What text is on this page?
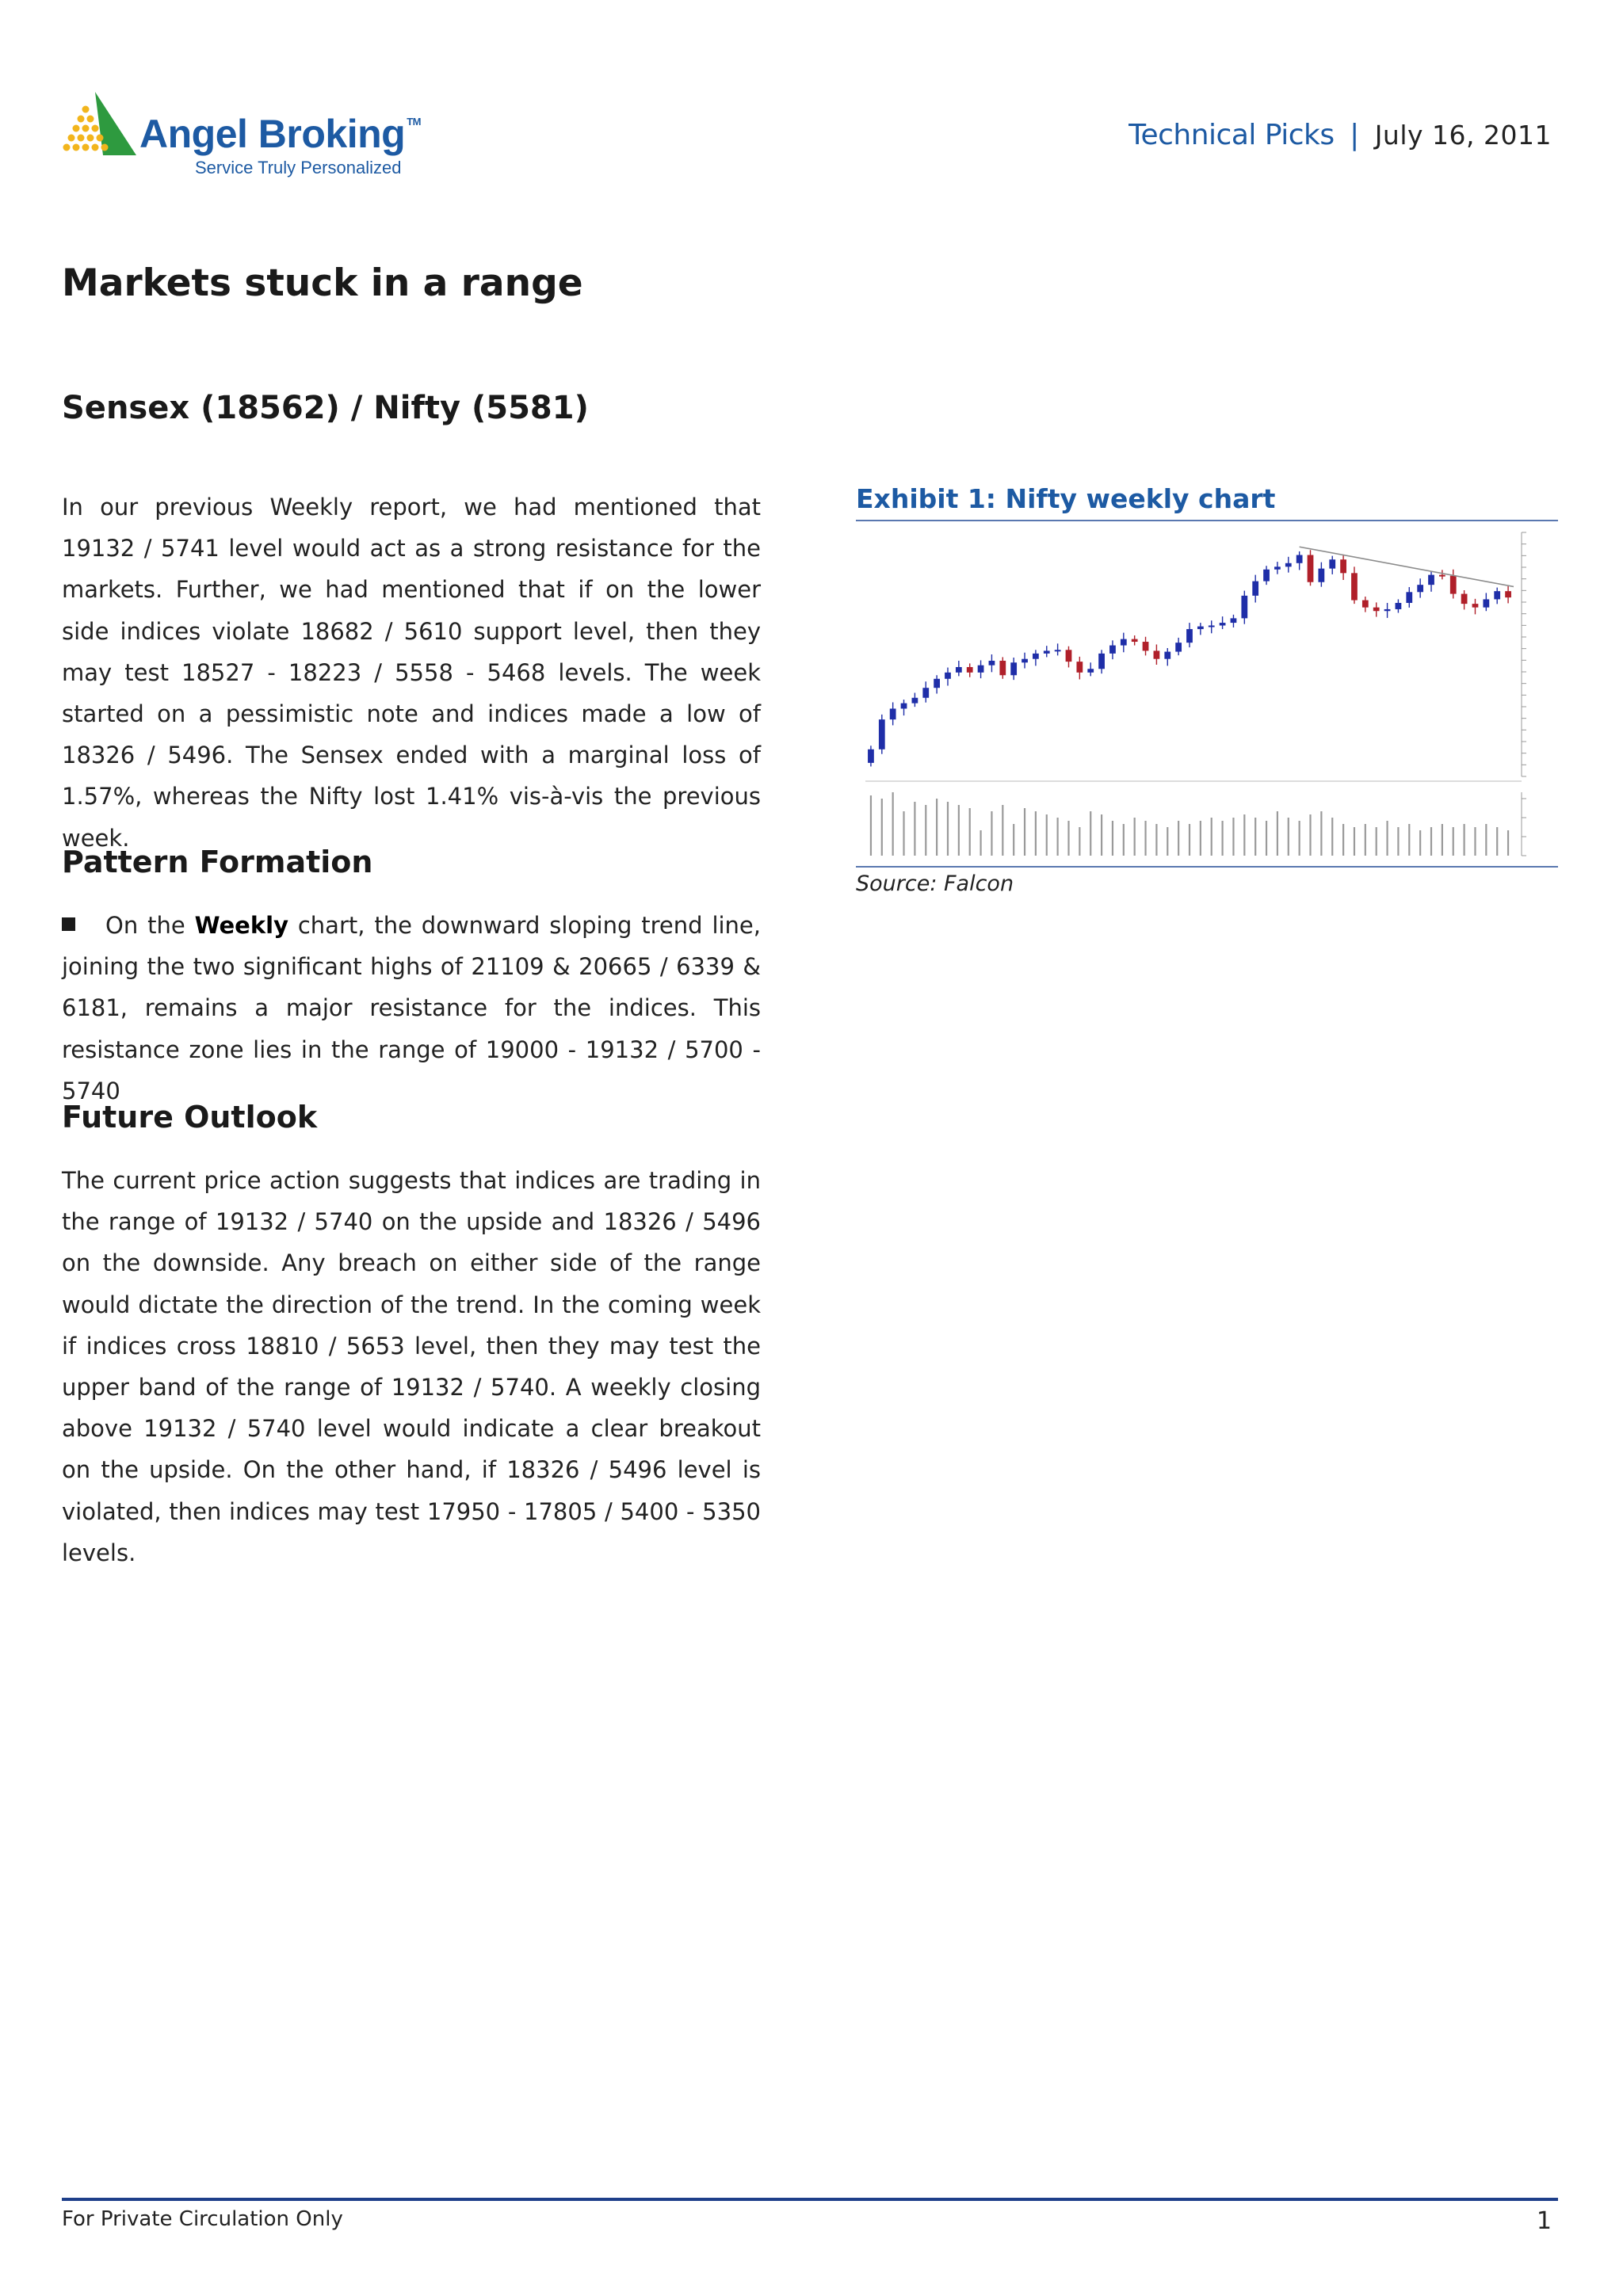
Angel Broking ™
Service Truly Personalized
Technical Picks | July 16, 2011
Markets stuck in a range
Sensex (18562) / Nifty (5581)

In our previous Weekly report, we had mentioned that 19132 / 5741 level would act as a strong resistance for the markets. Further, we had mentioned that if on the lower side indices violate 18682 / 5610 support level, then they may test 18527 - 18223 / 5558 - 5468 levels. The week started on a pessimistic note and indices made a low of 18326 / 5496. The Sensex ended with a marginal loss of 1.57%, whereas the Nifty lost 1.41% vis-à-vis the previous week.

Pattern Formation

On the Weekly chart, the downward sloping trend line, joining the two significant highs of 21109 & 20665 / 6339 & 6181, remains a major resistance for the indices. This resistance zone lies in the range of 19000 - 19132 / 5700 - 5740

Future Outlook

The current price action suggests that indices are trading in the range of 19132 / 5740 on the upside and 18326 / 5496 on the downside. Any breach on either side of the range would dictate the direction of the trend. In the coming week if indices cross 18810 / 5653 level, then they may test the upper band of the range of 19132 / 5740. A weekly closing above 19132 / 5740 level would indicate a clear breakout on the upside. On the other hand, if 18326 / 5496 level is violated, then indices may test 17950 - 17805 / 5400 - 5350 levels.

Exhibit 1: Nifty weekly chart
Source: Falcon
For Private Circulation Only	1
